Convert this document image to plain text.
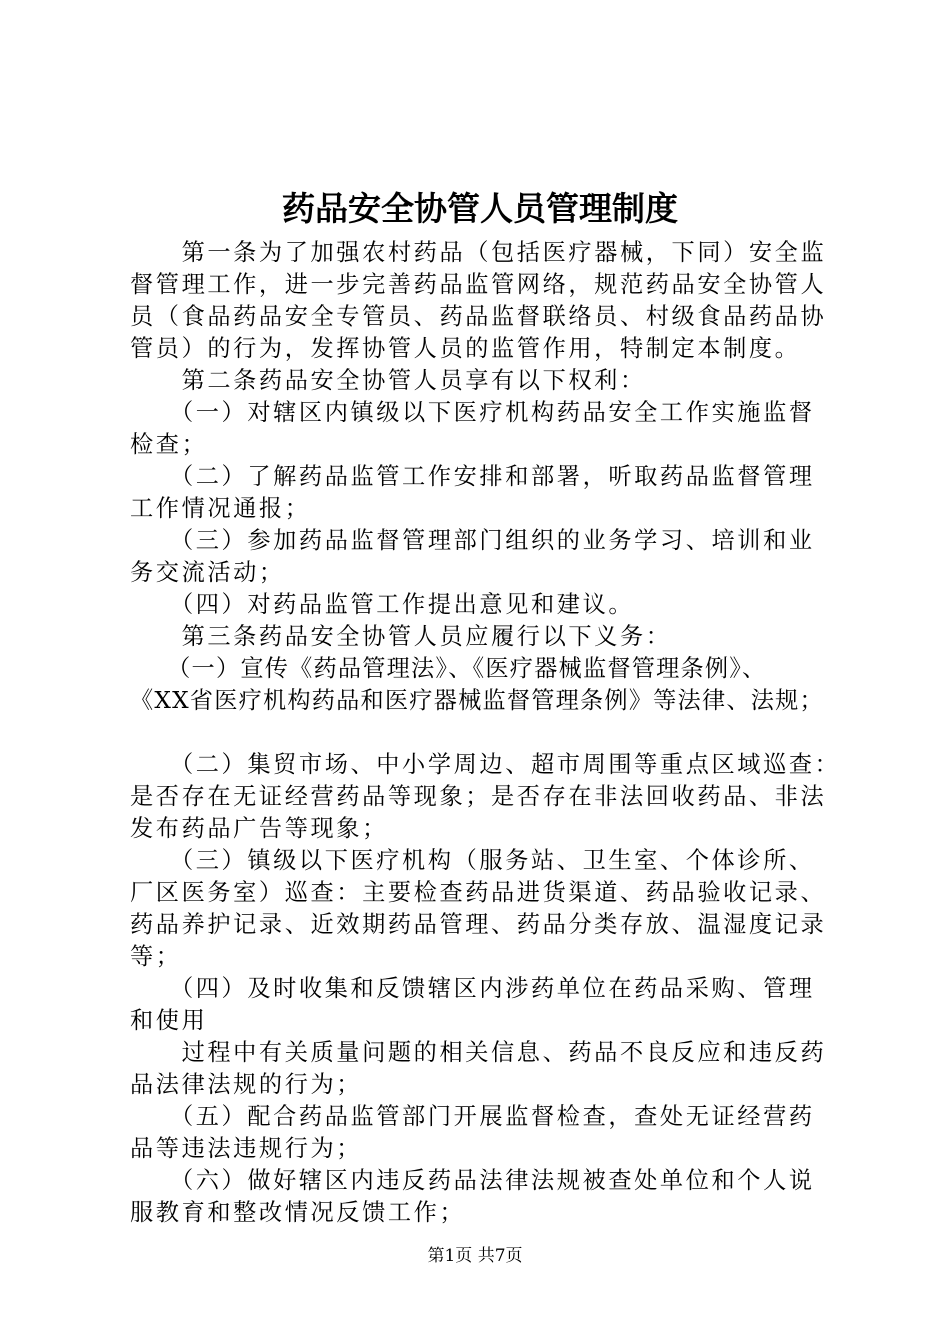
药品安全协管人员管理制度
　　第一条为了加强农村药品（包括医疗器械，下同）安全监
督管理工作，进一步完善药品监管网络，规范药品安全协管人
员（食品药品安全专管员、药品监督联络员、村级食品药品协
管员）的行为，发挥协管人员的监管作用，特制定本制度。
　　第二条药品安全协管人员享有以下权利：
　　（一）对辖区内镇级以下医疗机构药品安全工作实施监督
检查；
　　（二）了解药品监管工作安排和部署，听取药品监督管理
工作情况通报；
　　（三）参加药品监督管理部门组织的业务学习、培训和业
务交流活动；
　　（四）对药品监管工作提出意见和建议。
　　第三条药品安全协管人员应履行以下义务：
　　（一）宣传《药品管理法》、《医疗器械监督管理条例》、
《XX省医疗机构药品和医疗器械监督管理条例》等法律、法规；
　　（二）集贸市场、中小学周边、超市周围等重点区域巡查：
是否存在无证经营药品等现象；是否存在非法回收药品、非法
发布药品广告等现象；
　　（三）镇级以下医疗机构（服务站、卫生室、个体诊所、
厂区医务室）巡查：主要检查药品进货渠道、药品验收记录、
药品养护记录、近效期药品管理、药品分类存放、温湿度记录
等；
　　（四）及时收集和反馈辖区内涉药单位在药品采购、管理
和使用
　　过程中有关质量问题的相关信息、药品不良反应和违反药
品法律法规的行为；
　　（五）配合药品监管部门开展监督检查，查处无证经营药
品等违法违规行为；
　　（六）做好辖区内违反药品法律法规被查处单位和个人说
服教育和整改情况反馈工作；
第1页 共7页
